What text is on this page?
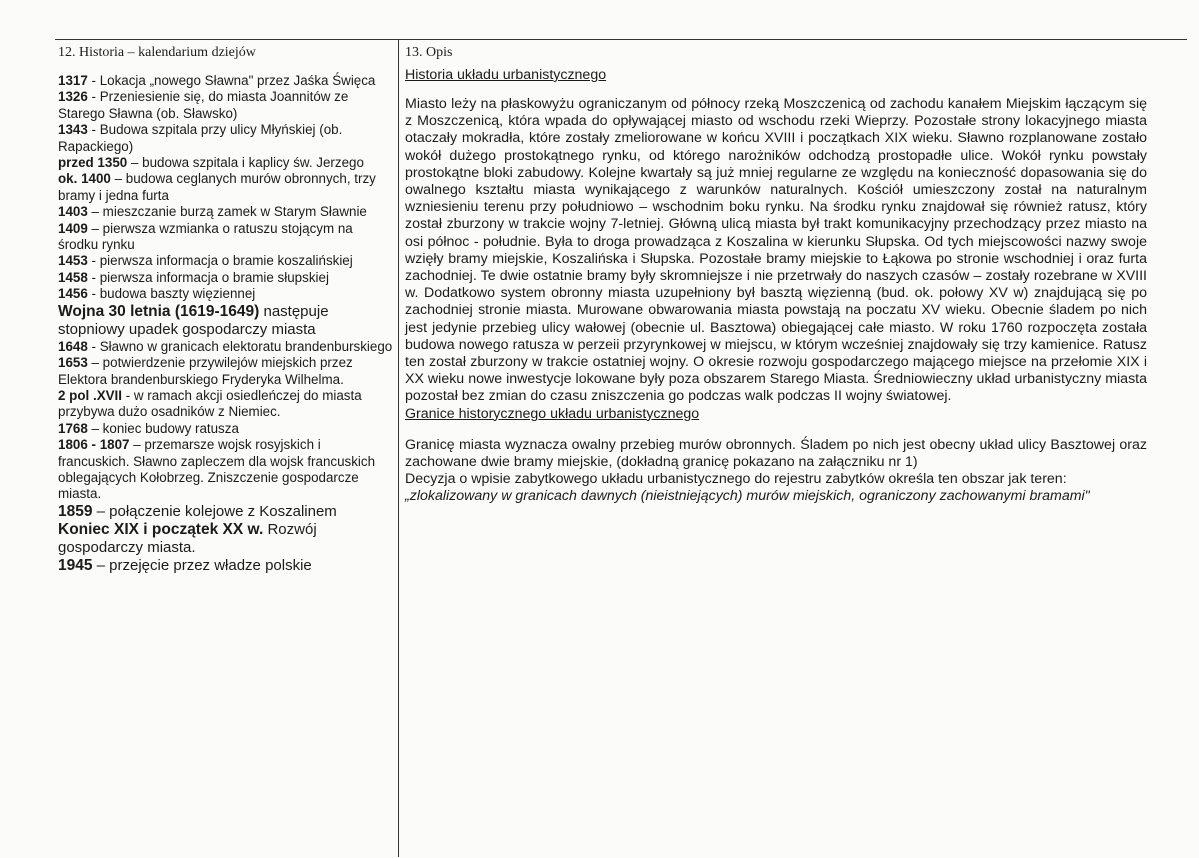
12. Historia – kalendarium dziejów

1317 - Lokacja „nowego Sławna" przez Jaśka Święca

1326 - Przeniesienie się, do miasta Joannitów ze Starego Sławna (ob. Sławsko)

1343 - Budowa szpitala przy ulicy Młyńskiej (ob. Rapackiego)

przed 1350 – budowa szpitala i kaplicy św. Jerzego

ok. 1400 – budowa ceglanych murów obronnych, trzy bramy i jedna furta

1403 – mieszczanie burzą zamek w Starym Sławnie

1409 – pierwsza wzmianka o ratuszu stojącym na środku rynku

1453 - pierwsza informacja o bramie koszalińskiej

1458 - pierwsza informacja o bramie słupskiej

1456 - budowa baszty więziennej

Wojna 30 letnia (1619-1649) następuje stopniowy upadek gospodarczy miasta

1648 - Sławno w granicach elektoratu brandenburskiego

1653 – potwierdzenie przywilejów miejskich przez Elektora brandenburskiego Fryderyka Wilhelma.

2 pol .XVII - w ramach akcji osiedleńczej do miasta przybywa dużo osadników z Niemiec.

1768 – koniec budowy ratusza

1806 - 1807 – przemarsze wojsk rosyjskich i francuskich. Sławno zapleczem dla wojsk francuskich oblegających Kołobrzeg. Zniszczenie gospodarcze miasta.

1859 – połączenie kolejowe z Koszalinem

Koniec XIX i początek XX w. Rozwój gospodarczy miasta.

1945 – przejęcie przez władze polskie

13. Opis
Historia układu urbanistycznego

Miasto leży na płaskowyżu ograniczanym od północy rzeką Moszczenicą od zachodu kanałem Miejskim łączącym się z Moszczenicą, która wpada do opływającej miasto od wschodu rzeki Wieprzy. Pozostałe strony lokacyjnego miasta otaczały mokradła, które zostały zmeliorowane w końcu XVIII i początkach XIX wieku. Sławno rozplanowane zostało wokół dużego prostokątnego rynku, od którego narożników odchodzą prostopadłe ulice. Wokół rynku powstały prostokątne bloki zabudowy. Kolejne kwartały są już mniej regularne ze względu na konieczność dopasowania się do owalnego kształtu miasta wynikającego z warunków naturalnych. Kościół umieszczony został na naturalnym wzniesieniu terenu przy południowo – wschodnim boku rynku. Na środku rynku znajdował się również ratusz, który został zburzony w trakcie wojny 7-letniej. Główną ulicą miasta był trakt komunikacyjny przechodzący przez miasto na osi północ - południe. Była to droga prowadząca z Koszalina w kierunku Słupska. Od tych miejscowości nazwy swoje wzięły bramy miejskie, Koszalińska i Słupska. Pozostałe bramy miejskie to Łąkowa po stronie wschodniej i oraz furta zachodniej. Te dwie ostatnie bramy były skromniejsze i nie przetrwały do naszych czasów – zostały rozebrane w XVIII w. Dodatkowo system obronny miasta uzupełniony był basztą więzienną (bud. ok. połowy XV w) znajdującą się po zachodniej stronie miasta. Murowane obwarowania miasta powstają na poczatu XV wieku. Obecnie śladem po nich jest jedynie przebieg ulicy wałowej (obecnie ul. Basztowa) obiegającej całe miasto. W roku 1760 rozpoczęta została budowa nowego ratusza w perzeii przyrynkowej w miejscu, w którym wcześniej znajdowały się trzy kamienice. Ratusz ten został zburzony w trakcie ostatniej wojny. O okresie rozwoju gospodarczego mającego miejsce na przełomie XIX i XX wieku nowe inwestycje lokowane były poza obszarem Starego Miasta. Średniowieczny układ urbanistyczny miasta pozostał bez zmian do czasu zniszczenia go podczas walk podczas II wojny światowej.

Granice historycznego układu urbanistycznego

Granicę miasta wyznacza owalny przebieg murów obronnych. Śladem po nich jest obecny układ ulicy Basztowej oraz zachowane dwie bramy miejskie, (dokładną granicę pokazano na załączniku nr 1)

Decyzja o wpisie zabytkowego układu urbanistycznego do rejestru zabytków określa ten obszar jak teren:

„zlokalizowany w granicach dawnych (nieistniejących) murów miejskich, ograniczony zachowanymi bramami"
